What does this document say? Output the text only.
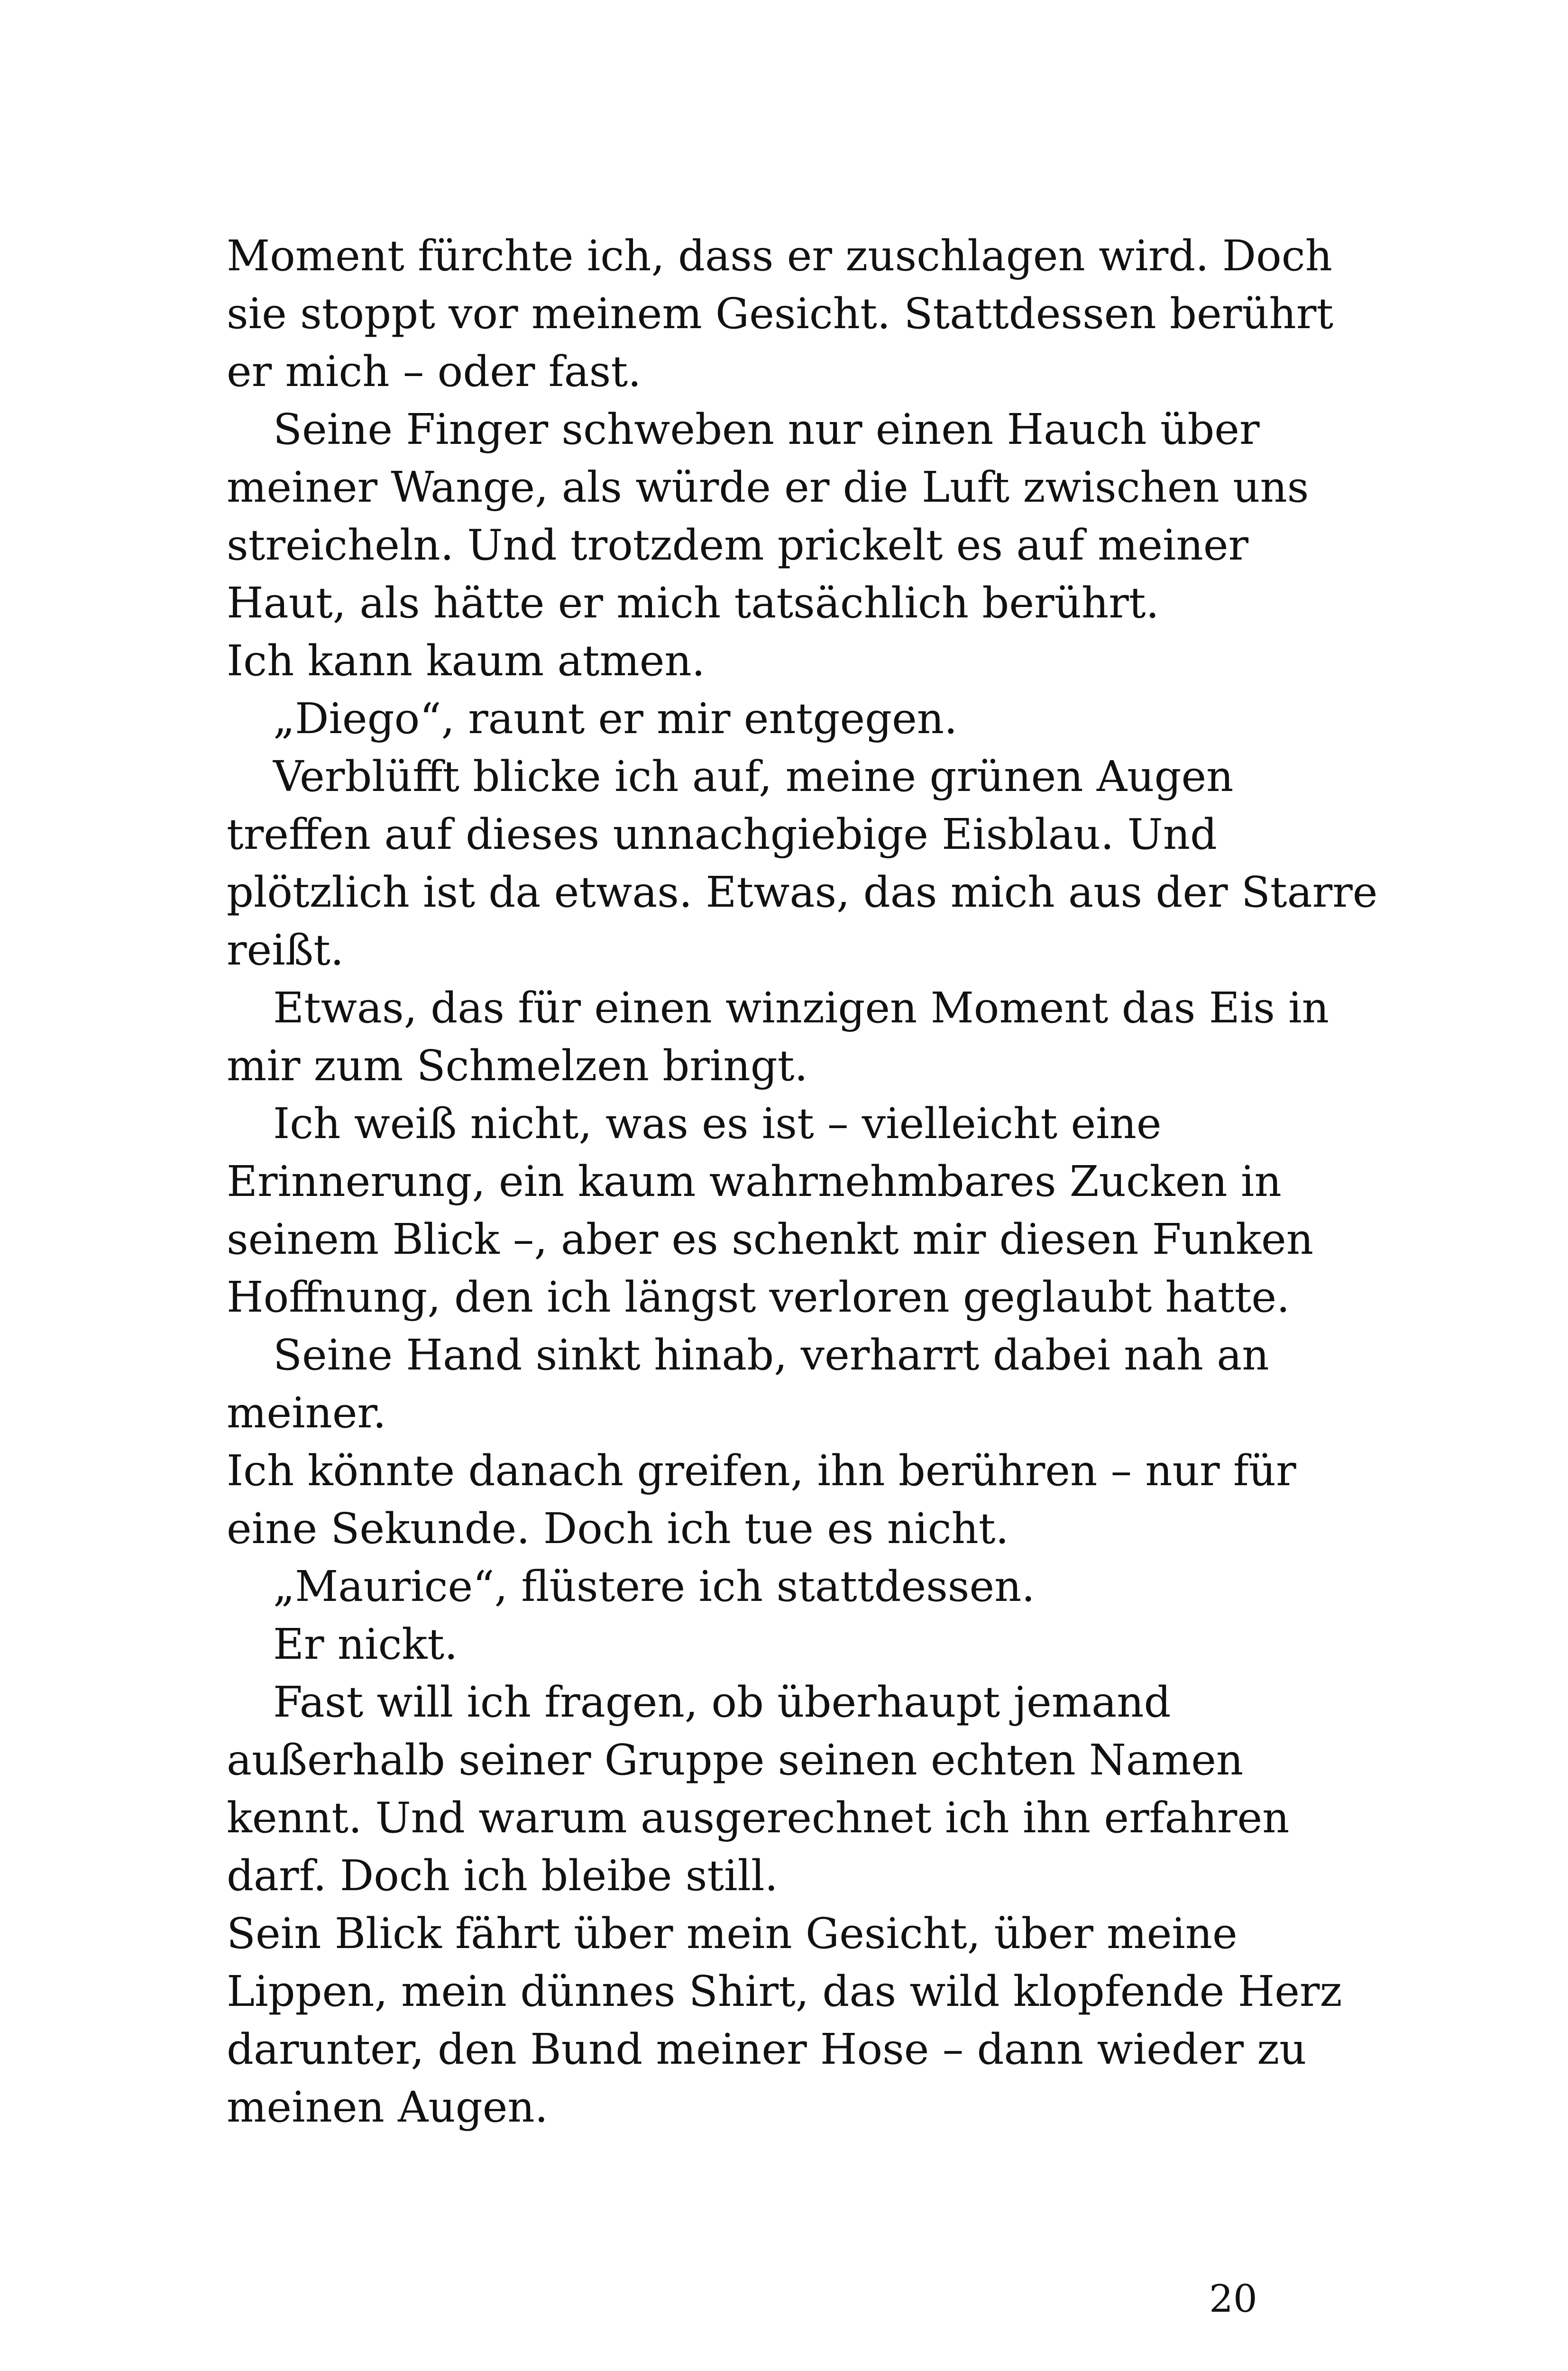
Moment fürchte ich, dass er zuschlagen wird. Doch
sie stoppt vor meinem Gesicht. Stattdessen berührt
er mich – oder fast.
Seine Finger schweben nur einen Hauch über
meiner Wange, als würde er die Luft zwischen uns
streicheln. Und trotzdem prickelt es auf meiner
Haut, als hätte er mich tatsächlich berührt.
Ich kann kaum atmen.
„Diego“, raunt er mir entgegen.
Verblüfft blicke ich auf, meine grünen Augen
treffen auf dieses unnachgiebige Eisblau. Und
plötzlich ist da etwas. Etwas, das mich aus der Starre
reißt.
Etwas, das für einen winzigen Moment das Eis in
mir zum Schmelzen bringt.
Ich weiß nicht, was es ist – vielleicht eine
Erinnerung, ein kaum wahrnehmbares Zucken in
seinem Blick –, aber es schenkt mir diesen Funken
Hoffnung, den ich längst verloren geglaubt hatte.
Seine Hand sinkt hinab, verharrt dabei nah an
meiner.
Ich könnte danach greifen, ihn berühren – nur für
eine Sekunde. Doch ich tue es nicht.
„Maurice“, flüstere ich stattdessen.
Er nickt.
Fast will ich fragen, ob überhaupt jemand
außerhalb seiner Gruppe seinen echten Namen
kennt. Und warum ausgerechnet ich ihn erfahren
darf. Doch ich bleibe still.
Sein Blick fährt über mein Gesicht, über meine
Lippen, mein dünnes Shirt, das wild klopfende Herz
darunter, den Bund meiner Hose – dann wieder zu
meinen Augen.
20
